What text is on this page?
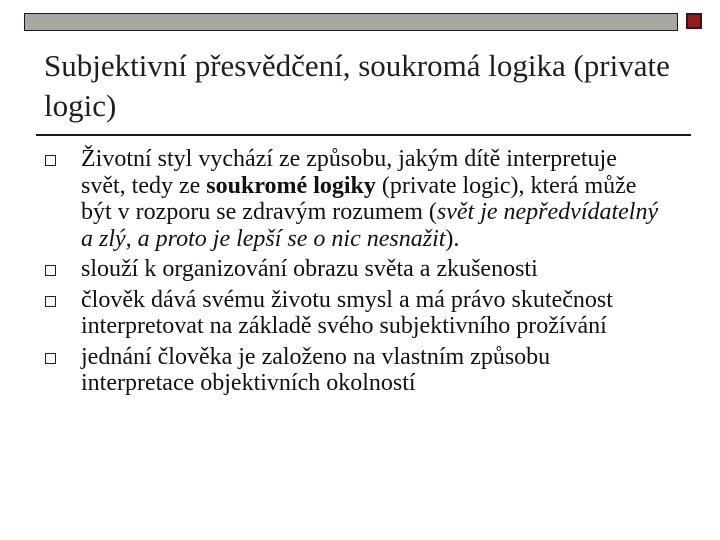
Subjektivní přesvědčení, soukromá logika (private logic)
Životní styl vychází ze způsobu, jakým dítě interpretuje svět, tedy ze soukromé logiky (private logic), která může být v rozporu se zdravým rozumem (svět je nepředvídatelný a zlý, a proto je lepší se o nic nesnažit).
slouží k organizování obrazu světa a zkušenosti
člověk dává svému životu smysl a má právo skutečnost interpretovat na základě svého subjektivního prožívání
jednání člověka je založeno na vlastním způsobu interpretace objektivních okolností
